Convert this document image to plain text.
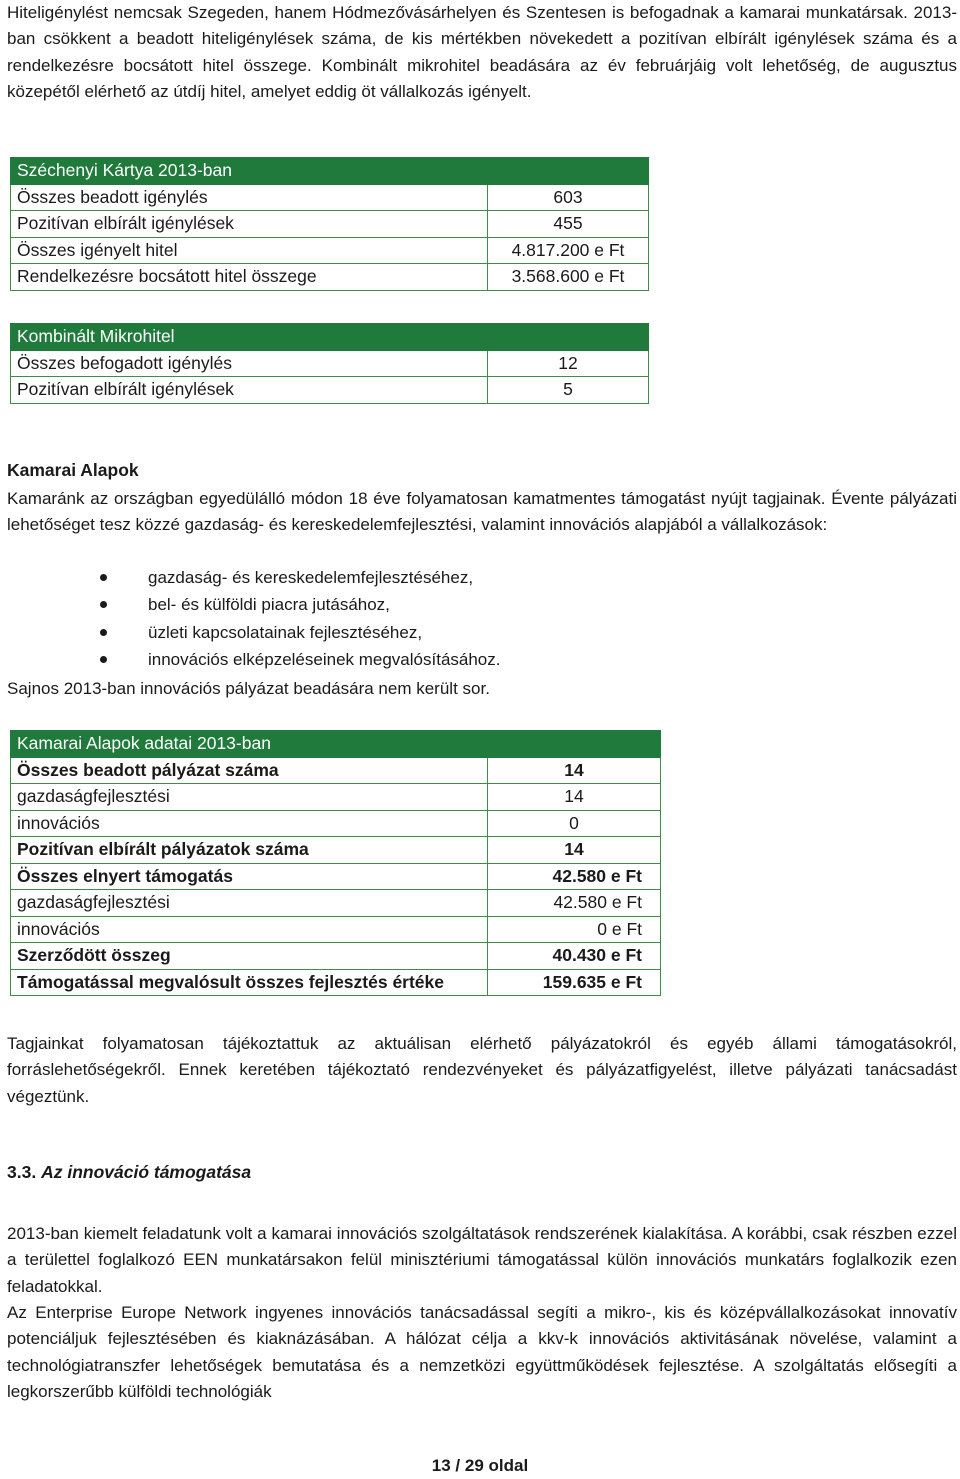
Hiteligénylést nemcsak Szegeden, hanem Hódmezővásárhelyen és Szentesen is befogadnak a kamarai munkatársak. 2013-ban csökkent a beadott hiteligénylések száma, de kis mértékben növekedett a pozitívan elbírált igénylések száma és a rendelkezésre bocsátott hitel összege. Kombinált mikrohitel beadására az év februárjáig volt lehetőség, de augusztus közepétől elérhető az útdíj hitel, amelyet eddig öt vállalkozás igényelt.

Széchenyi Kártya 2013-ban	
Összes beadott igénylés	603
Pozitívan elbírált igénylések	455
Összes igényelt hitel	4.817.200 e Ft
Rendelkezésre bocsátott hitel összege	3.568.600 e Ft
Kombinált Mikrohitel	
Összes befogadott igénylés	12
Pozitívan elbírált igénylések	5

Kamarai Alapok

Kamaránk az országban egyedülálló módon 18 éve folyamatosan kamatmentes támogatást nyújt tagjainak. Évente pályázati lehetőséget tesz közzé gazdaság- és kereskedelemfejlesztési, valamint innovációs alapjából a vállalkozások:

gazdaság- és kereskedelemfejlesztéséhez,
bel- és külföldi piacra jutásához,
üzleti kapcsolatainak fejlesztéséhez,
innovációs elképzeléseinek megvalósításához.

Sajnos 2013-ban innovációs pályázat beadására nem került sor.

Kamarai Alapok adatai 2013-ban	
Összes beadott pályázat száma	14
gazdaságfejlesztési	14
innovációs	0
Pozitívan elbírált pályázatok száma	14
Összes elnyert támogatás	42.580 e Ft
gazdaságfejlesztési	42.580 e Ft
innovációs	0 e Ft
Szerződött összeg	40.430 e Ft
Támogatással megvalósult összes fejlesztés értéke	159.635 e Ft

Tagjainkat folyamatosan tájékoztattuk az aktuálisan elérhető pályázatokról és egyéb állami támogatásokról, forráslehetőségekről. Ennek keretében tájékoztató rendezvényeket és pályázatfigyelést, illetve pályázati tanácsadást végeztünk.

3.3. Az innováció támogatása

2013-ban kiemelt feladatunk volt a kamarai innovációs szolgáltatások rendszerének kialakítása. A korábbi, csak részben ezzel a területtel foglalkozó EEN munkatársakon felül minisztériumi támogatással külön innovációs munkatárs foglalkozik ezen feladatokkal.

Az Enterprise Europe Network ingyenes innovációs tanácsadással segíti a mikro-, kis és középvállalkozásokat innovatív potenciáljuk fejlesztésében és kiaknázásában. A hálózat célja a kkv-k innovációs aktivitásának növelése, valamint a technológiatranszfer lehetőségek bemutatása és a nemzetközi együttműködések fejlesztése. A szolgáltatás elősegíti a legkorszerűbb külföldi technológiák

13 / 29 oldal
